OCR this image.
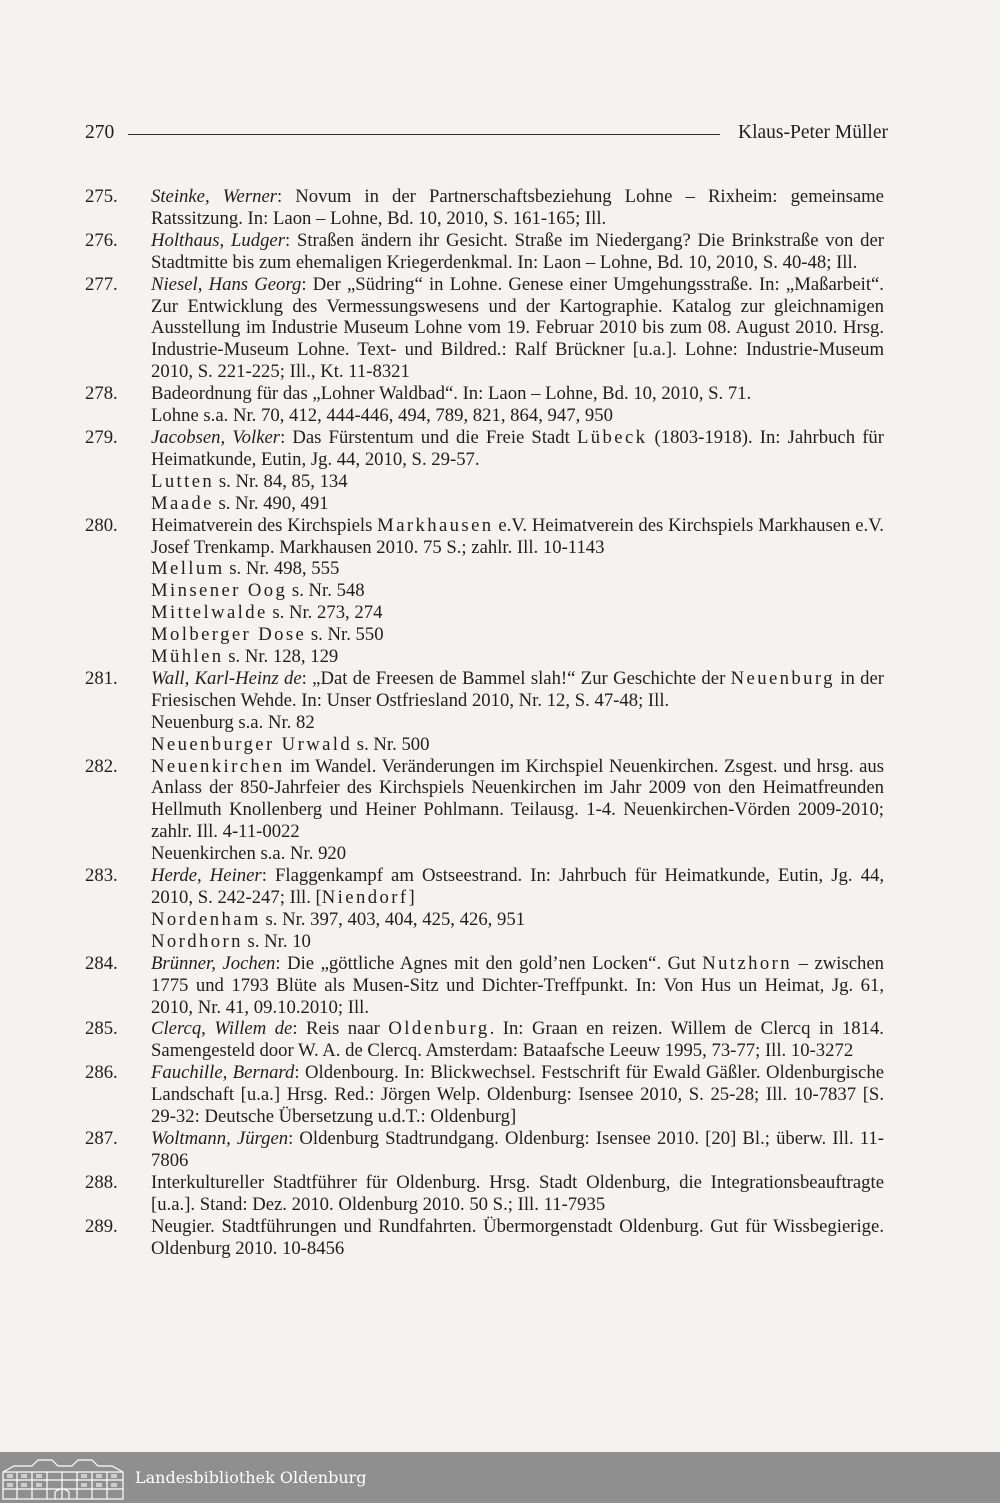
270	Klaus-Peter Müller
275.	Steinke, Werner: Novum in der Partnerschaftsbeziehung Lohne – Rixheim: gemeinsame Ratssitzung. In: Laon – Lohne, Bd. 10, 2010, S. 161-165; Ill.
276.	Holthaus, Ludger: Straßen ändern ihr Gesicht. Straße im Niedergang? Die Brinkstraße von der Stadtmitte bis zum ehemaligen Kriegerdenkmal. In: Laon – Lohne, Bd. 10, 2010, S. 40-48; Ill.
277.	Niesel, Hans Georg: Der „Südring“ in Lohne. Genese einer Umgehungsstraße. In: „Maßarbeit“. Zur Entwicklung des Vermessungswesens und der Kartographie. Katalog zur gleichnamigen Ausstellung im Industrie Museum Lohne vom 19. Februar 2010 bis zum 08. August 2010. Hrsg. Industrie-Museum Lohne. Text- und Bildred.: Ralf Brückner [u.a.]. Lohne: Industrie-Museum 2010, S. 221-225; Ill., Kt. 11-8321
278.	Badeordnung für das „Lohner Waldbad“. In: Laon – Lohne, Bd. 10, 2010, S. 71.
Lohne s.a. Nr. 70, 412, 444-446, 494, 789, 821, 864, 947, 950
279.	Jacobsen, Volker: Das Fürstentum und die Freie Stadt Lübeck (1803-1918). In: Jahrbuch für Heimatkunde, Eutin, Jg. 44, 2010, S. 29-57.
Lutten s. Nr. 84, 85, 134
Maade s. Nr. 490, 491
280.	Heimatverein des Kirchspiels Markhausen e.V. Heimatverein des Kirchspiels Markhausen e.V. Josef Trenkamp. Markhausen 2010. 75 S.; zahlr. Ill. 10-1143
Mellum s. Nr. 498, 555
Minsener Oog s. Nr. 548
Mittelwalde s. Nr. 273, 274
Molberger Dose s. Nr. 550
Mühlen s. Nr. 128, 129
281.	Wall, Karl-Heinz de: „Dat de Freesen de Bammel slah!“ Zur Geschichte der Neuenburg in der Friesischen Wehde. In: Unser Ostfriesland 2010, Nr. 12, S. 47-48; Ill.
Neuenburg s.a. Nr. 82
Neuenburger Urwald s. Nr. 500
282.	Neuenkirchen im Wandel. Veränderungen im Kirchspiel Neuenkirchen. Zsgest. und hrsg. aus Anlass der 850-Jahrfeier des Kirchspiels Neuenkirchen im Jahr 2009 von den Heimatfreunden Hellmuth Knollenberg und Heiner Pohlmann. Teilausg. 1-4. Neuenkirchen-Vörden 2009-2010; zahlr. Ill. 4-11-0022
Neuenkirchen s.a. Nr. 920
283.	Herde, Heiner: Flaggenkampf am Ostseestrand. In: Jahrbuch für Heimatkunde, Eutin, Jg. 44, 2010, S. 242-247; Ill. [Niendorf]
Nordenham s. Nr. 397, 403, 404, 425, 426, 951
Nordhorn s. Nr. 10
284.	Brünner, Jochen: Die „göttliche Agnes mit den gold’nen Locken“. Gut Nutzhorn – zwischen 1775 und 1793 Blüte als Musen-Sitz und Dichter-Treffpunkt. In: Von Hus un Heimat, Jg. 61, 2010, Nr. 41, 09.10.2010; Ill.
285.	Clercq, Willem de: Reis naar Oldenburg. In: Graan en reizen. Willem de Clercq in 1814. Samengesteld door W. A. de Clercq. Amsterdam: Bataafsche Leeuw 1995, 73-77; Ill. 10-3272
286.	Fauchille, Bernard: Oldenbourg. In: Blickwechsel. Festschrift für Ewald Gäßler. Oldenburgische Landschaft [u.a.] Hrsg. Red.: Jörgen Welp. Oldenburg: Isensee 2010, S. 25-28; Ill. 10-7837 [S. 29-32: Deutsche Übersetzung u.d.T.: Oldenburg]
287.	Woltmann, Jürgen: Oldenburg Stadtrundgang. Oldenburg: Isensee 2010. [20] Bl.; überw. Ill. 11-7806
288.	Interkultureller Stadtführer für Oldenburg. Hrsg. Stadt Oldenburg, die Integrationsbeauftragte [u.a.]. Stand: Dez. 2010. Oldenburg 2010. 50 S.; Ill. 11-7935
289.	Neugier. Stadtführungen und Rundfahrten. Übermorgenstadt Oldenburg. Gut für Wissbegierige. Oldenburg 2010. 10-8456
Landesbibliothek Oldenburg
